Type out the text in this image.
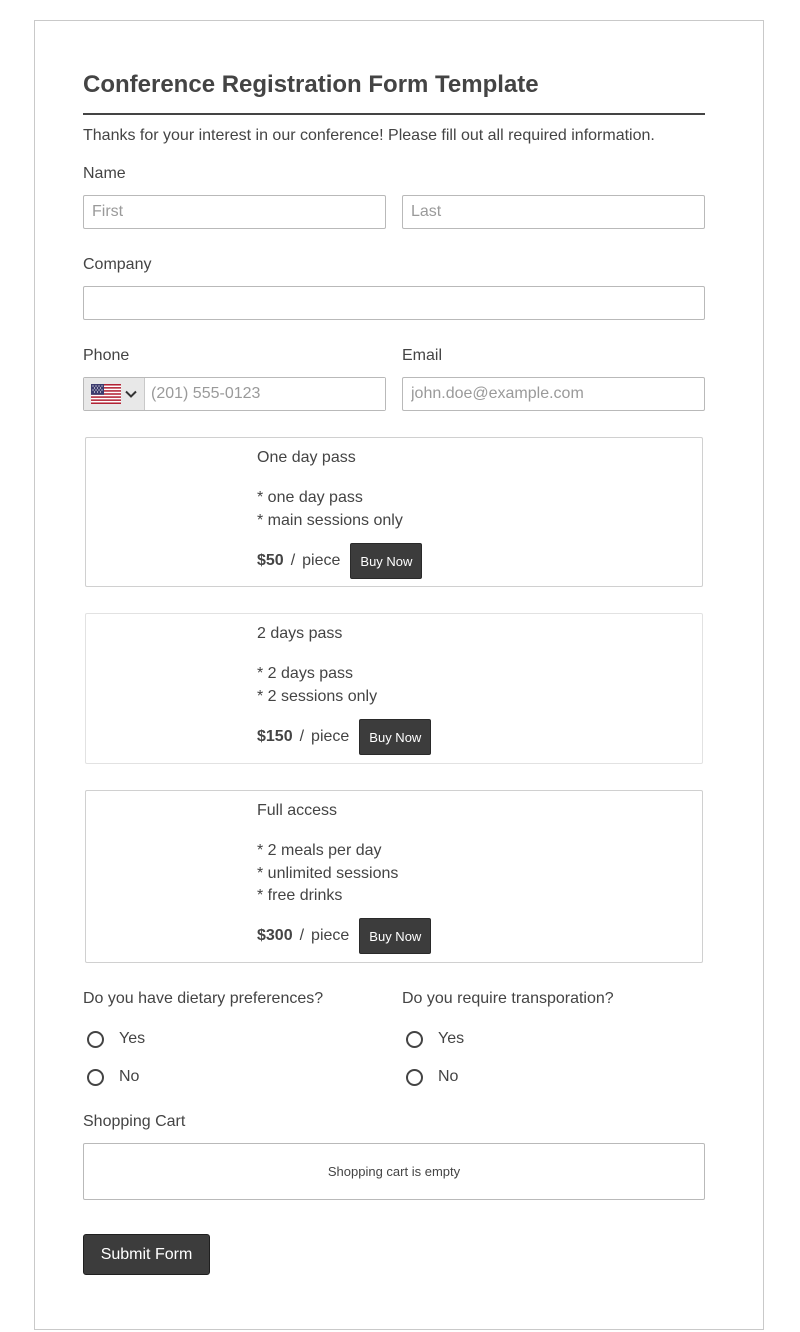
Conference Registration Form Template
Thanks for your interest in our conference! Please fill out all required information.
Name
First
Last
Company
Phone
(201) 555-0123	Email
john.doe@example.com
One day pass
* one day pass
* main sessions only
$50 / piece	Buy Now
2 days pass
* 2 days pass
* 2 sessions only
$150 / piece	Buy Now
Full access
* 2 meals per day
* unlimited sessions
* free drinks
$300 / piece	Buy Now
Do you have dietary preferences?
Yes
No
Do you require transporation?
Yes
No
Shopping Cart
Shopping cart is empty
Submit Form
